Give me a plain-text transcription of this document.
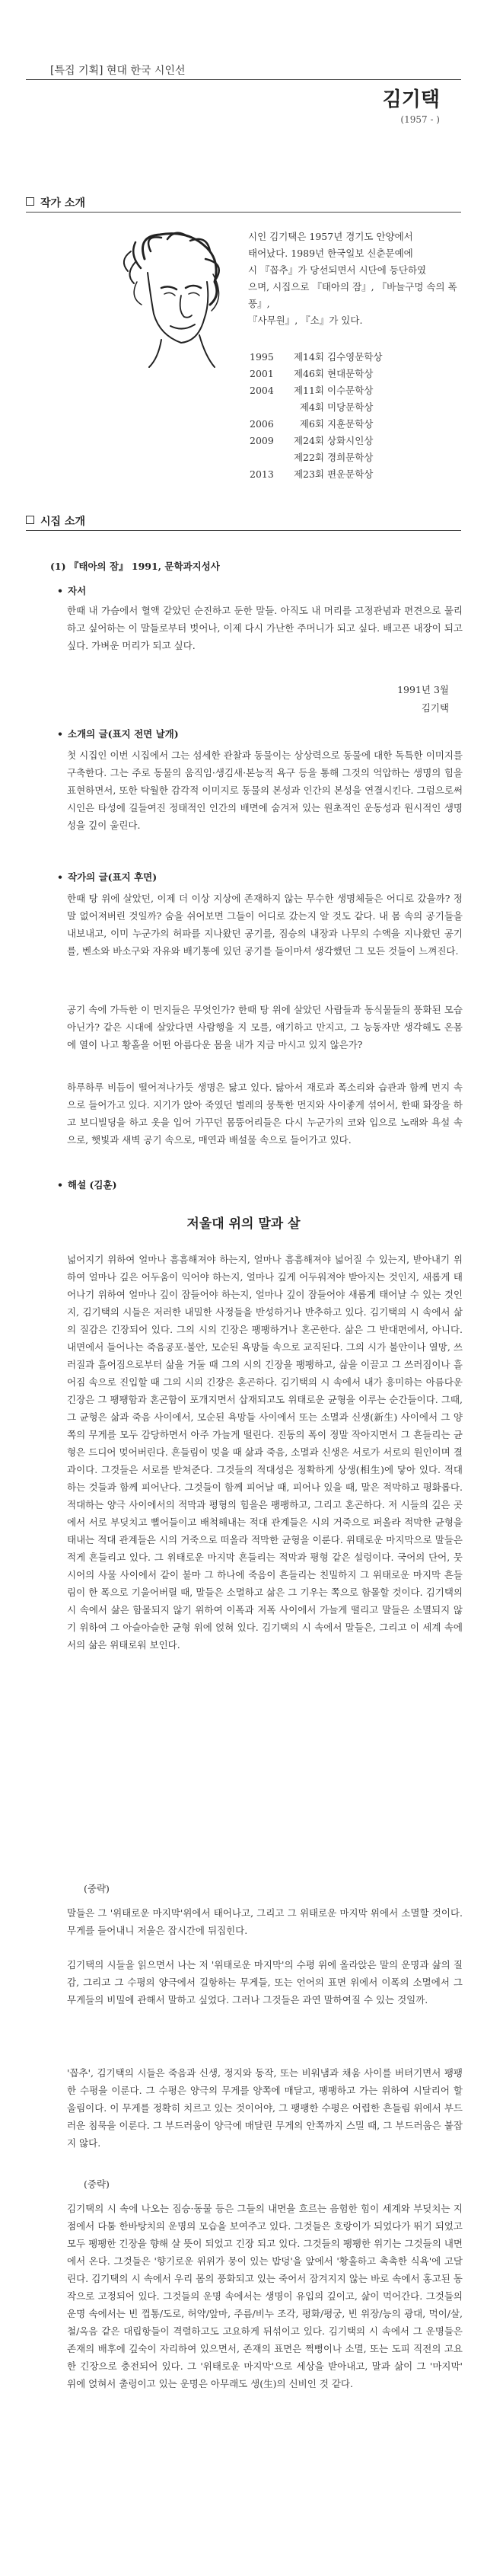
[특집 기획] 현대 한국 시인선
김기택
(1957 - )
작가 소개
시인 김기택은 1957년 경기도 안양에서
태어났다. 1989년 한국일보 신춘문예에
시 『꼽추』가 당선되면서 시단에 등단하였
으며, 시집으로 『태아의 잠』, 『바늘구멍 속의 폭풍』,
『사무원』, 『소』가 있다.
1995 제14회 김수영문학상
2001 제46회 현대문학상
2004 제11회 이수문학상
제4회 미당문학상
2006	제6회 지훈문학상
2009 제24회 상화시인상
제22회 경희문학상
2013 제23회 편운문학상
시집 소개
(1) 『태아의 잠』 1991, 문학과지성사
• 자서
한때 내 가슴에서 혈액 같았던 순진하고 둔한 말들. 아직도 내 머리를 고정관념과 편견으로 물리하고 싶어하는 이 말들로부터 벗어나, 이제 다시 가난한 주머니가 되고 싶다. 배고픈 내장이 되고 싶다. 가벼운 머리가 되고 싶다.
1991년 3월
김기택
• 소개의 글(표지 전면 날개)
첫 시집인 이번 시집에서 그는 섬세한 관찰과 동물이는 상상력으로 동물에 대한 독특한 이미지를 구축한다. 그는 주로 동물의 움직임·생김새·본능적 욕구 등을 통해 그것의 억압하는 생명의 힘을 표현하면서, 또한 탁월한 감각적 이미지로 동물의 본성과 인간의 본성을 연결시킨다. 그럼으로써 시인은 타성에 길들여진 정태적인 인간의 배면에 숨겨져 있는 원초적인 운동성과 원시적인 생명성을 깊이 울린다.
• 작가의 글(표지 후면)
한때 탕 위에 살았던, 이제 더 이상 지상에 존재하지 않는 무수한 생명체들은 어디로 갔을까? 정말 없어져버린 것일까? 숨을 쉬어보면 그들이 어디로 갔는지 알 것도 같다. 내 몸 속의 공기들을 내보내고, 이미 누군가의 허파를 지나왔던 공기를, 짐승의 내장과 나무의 수액을 지나왔던 공기를, 벤소와 바소구와 자유와 배기통에 있던 공기를 들이마셔 생각했던 그 모든 것들이 느껴진다.
공기 속에 가득한 이 먼지들은 무엇인가? 한때 탕 위에 살았던 사람들과 동식물들의 풍화된 모습 아닌가? 같은 시대에 살았다면 사람행을 지 모를, 얘기하고 만지고, 그 능동자만 생각해도 온몸에 열이 나고 황홀을 어떤 아름다운 몸을 내가 지금 마시고 있지 않은가?
하루하루 비듬이 떨어져나가듯 생명은 닳고 있다. 닳아서 재로과 폭소리와 습관과 함께 먼지 속으로 들어가고 있다. 지기가 앉아 죽였던 벌레의 뭉툭한 먼지와 사이좋게 섞어서, 한때 화장을 하고 보디빌딩을 하고 옷을 입어 가꾸던 몸뚱어리들은 다시 누군가의 코와 입으로 노래와 욕설 속으로, 햇빛과 새벽 공기 속으로, 매연과 배설물 속으로 들어가고 있다.
• 해설 (김훈)
저울대 위의 말과 살
넓어지기 위하여 얼마나 흠흠해져야 하는지, 얼마나 흠흠해져야 넓어질 수 있는지, 받아내기 위하여 얼마나 깊은 어두움이 익어야 하는지, 얼마나 깊게 어두워져야 받아지는 것인지, 새롭게 태어나기 위하여 얼마나 깊이 잠들어야 하는지, 얼마나 깊이 잠들어야 새롭게 태어날 수 있는 것인지, 김기택의 시들은 저러한 내밀한 사정들을 반성하거나 반추하고 있다. 김기택의 시 속에서 삶의 질감은 긴장되어 있다. 그의 시의 긴장은 팽팽하거나 혼곤한다. 삶은 그 반대편에서, 아니다. 내면에서 들어나는 죽음공포·불안, 모순된 욕망들 속으로 교직된다. 그의 시가 불안이나 열망, 쓰러질과 흘어짐으로부터 삶을 거둘 때 그의 시의 긴장을 팽팽하고, 삶을 이끌고 그 쓰러짐이나 흘어짐 속으로 진입할 때 그의 시의 긴장은 혼곤하다. 김기택의 시 속에서 내가 흥미하는 아름다운 긴장은 그 팽팽함과 혼곤함이 포개지면서 삽재되고도 위태로운 균형을 이루는 순간들이다. 그때, 그 균형은 삶과 죽음 사이에서, 모순된 욕망들 사이에서 또는 소멸과 신생(新生) 사이에서 그 양쪽의 무게를 모두 감당하면서 아주 가늘게 떨린다. 진동의 폭이 정말 작아지면서 그 흔들리는 균형은 드디어 멎어버린다. 흔들림이 멎을 때 삶과 죽음, 소멸과 신생은 서로가 서로의 원인이며 결과이다. 그것들은 서로를 받쳐준다. 그것들의 적대성은 정확하게 상생(相生)에 닿아 있다. 적대하는 것들과 함께 피어난다. 그것들이 함께 피어날 때, 피어나 있을 때, 말은 적막하고 평화롭다. 적대하는 양극 사이에서의 적막과 평형의 힘을은 팽팽하고, 그리고 혼곤하다. 저 시들의 깊은 곳에서 서로 부딪치고 뻘어들이고 배척해내는 적대 관계들은 시의 거죽으로 퍼올라 적막한 균형을 태내는 적대 관계들은 시의 거죽으로 떠올라 적막한 균형을 이룬다. 위태로운 마지막으로 말들은 적게 흔들리고 있다. 그 위태로운 마지막 흔들리는 적막과 평형 같은 설렁이다. 국어의 단어, 뭇 시어의 사물 사이에서 같이 불마 그 하나에 죽음이 흔들리는 친밀하지 그 위태로운 마지막 흔들림이 한 폭으로 기울어버릴 때, 말들은 소멸하고 삶은 그 기우는 쪽으로 함몰할 것이다. 김기택의 시 속에서 삶은 함몰되지 않기 위하여 이폭과 저폭 사이에서 가늘게 떨리고 말들은 소멸되지 않기 위하여 그 아슬아슬한 균형 위에 얹혀 있다. 김기택의 시 속에서 말들은, 그리고 이 세계 속에서의 삶은 위태로워 보인다.
(중략)
말들은 그 '위태로운 마지막'위에서 태어나고, 그리고 그 위태로운 마지막 위에서 소멸할 것이다. 무게를 들어내니 저울은 잡시간에 뒤집힌다.
김기택의 시들을 읽으면서 나는 저 '위태로운 마지막'의 수평 위에 올라앉은 말의 운명과 삶의 질감, 그리고 그 수평의 양극에서 길항하는 무게들, 또는 언어의 표면 위에서 이폭의 소멸에서 그 무게들의 비밀에 관해서 말하고 싶었다. 그러나 그것들은 과연 말하여질 수 있는 것일까.
'꼽추', 김기택의 시들은 죽음과 신생, 정지와 동작, 또는 비워냄과 채움 사이를 버텨기면서 팽팽한 수평을 이룬다. 그 수평은 양극의 무게를 양쪽에 매달고, 팽팽하고 가는 위하여 시달리어 할 울림이다. 이 무게를 정확히 치르고 있는 것이어야, 그 팽팽한 수평은 어렵한 흔들림 위에서 부드러운 침묵을 이룬다. 그 부드러움이 양극에 매달린 무게의 안쪽까지 스밀 때, 그 부드러움은 붙잡지 않다.
(중략)
김기택의 시 속에 나오는 짐승·동물 등은 그들의 내면을 흐르는 음험한 힘이 세계와 부딪치는 지점에서 다툼 한바탕치의 운명의 모습을 보여주고 있다. 그것들은 호랑이가 되었다가 뛰기 되었고 모두 팽팽한 긴장을 향해 살 뜻이 되었고 긴장 되고 있다. 그것들의 팽팽한 위기는 그것들의 내면에서 온다. 그것들은 '향기로운 위위가 뭉이 있는 밥덩'을 앞에서 '황홀하고 촉촉한 식욕'에 고달린다. 김기택의 시 속에서 우리 몸의 풍화되고 있는 죽어서 잠겨지지 않는 바로 속에서 홍고된 동작으로 고정되어 있다. 그것들의 운명 속에서는 생명이 유입의 깊이고, 삶이 먹어간다. 그것들의 운명 속에서는 빈 껍통/도로, 허약/앞마, 주름/비누 조각, 평화/평궁, 빈 위장/능의 광대, 먹이/살, 철/옥음 같은 대립항들이 격렬하고도 고요하게 뒤섞이고 있다. 김기택의 시 속에서 그 운명들은 존재의 배후에 깊숙이 자리하여 있으면서, 존재의 표면은 쩍뻥이나 소멸, 또는 도피 직전의 고요한 긴장으로 충전되어 있다. 그 '위태로운 마지막'으로 세상을 받아내고, 말과 삶이 그 '마지막' 위에 얹혀서 출렁이고 있는 운명은 아무래도 생(生)의 신비인 것 같다.
